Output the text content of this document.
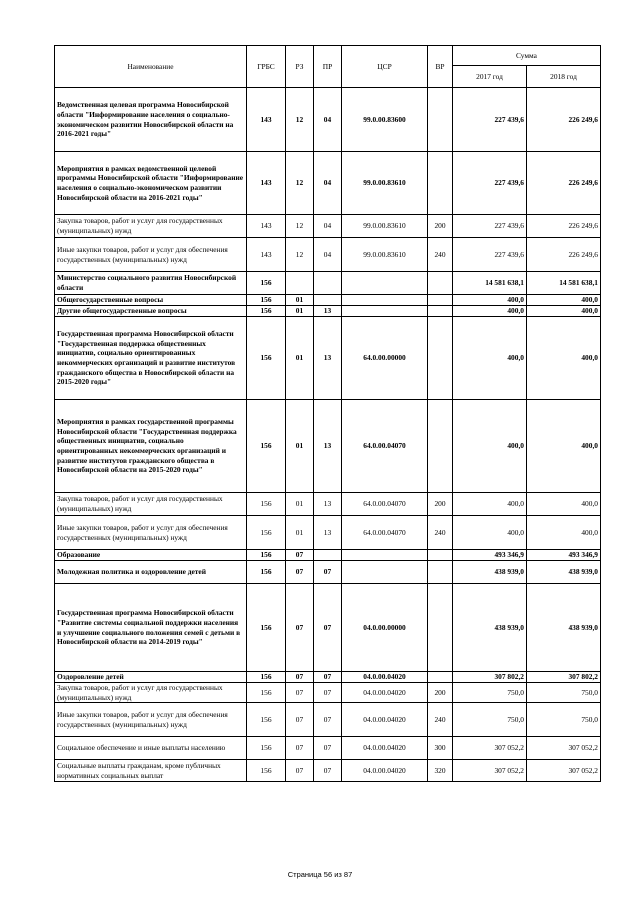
Наименование	ГРБС	РЗ	ПР	ЦСР	ВР	Сумма	
						2017 год	2018 год
Ведомственная целевая программа Новосибирской области "Информирование населения о социально-экономическом развитии Новосибирской области на 2016-2021 годы"	143	12	04	99.0.00.83600		227 439,6	226 249,6
Мероприятия в рамках ведомственной целевой программы Новосибирской области "Информирование населения о социально-экономическом развитии Новосибирской области на 2016-2021 годы"	143	12	04	99.0.00.83610		227 439,6	226 249,6
Закупка товаров, работ и услуг для государственных (муниципальных) нужд	143	12	04	99.0.00.83610	200	227 439,6	226 249,6
Иные закупки товаров, работ и услуг для обеспечения государственных (муниципальных) нужд	143	12	04	99.0.00.83610	240	227 439,6	226 249,6
Министерство социального развития Новосибирской области	156					14 581 638,1	14 581 638,1
Общегосударственные вопросы	156	01				400,0	400,0
Другие общегосударственные вопросы	156	01	13			400,0	400,0
Государственная программа Новосибирской области "Государственная поддержка общественных инициатив, социально ориентированных некоммерческих организаций и развитие институтов гражданского общества в Новосибирской области на 2015-2020 годы"	156	01	13	64.0.00.00000		400,0	400,0
Мероприятия в рамках государственной программы Новосибирской области "Государственная поддержка общественных инициатив, социально ориентированных некоммерческих организаций и развитие институтов гражданского общества в Новосибирской области на 2015-2020 годы"	156	01	13	64.0.00.04070		400,0	400,0
Закупка товаров, работ и услуг для государственных (муниципальных) нужд	156	01	13	64.0.00.04070	200	400,0	400,0
Иные закупки товаров, работ и услуг для обеспечения государственных (муниципальных) нужд	156	01	13	64.0.00.04070	240	400,0	400,0
Образование	156	07				493 346,9	493 346,9
Молодежная политика и оздоровление детей	156	07	07			438 939,0	438 939,0
Государственная программа Новосибирской области "Развитие системы социальной поддержки населения и улучшение социального положения семей с детьми в Новосибирской области на 2014-2019 годы"	156	07	07	04.0.00.00000		438 939,0	438 939,0
Оздоровление детей	156	07	07	04.0.00.04020		307 802,2	307 802,2
Закупка товаров, работ и услуг для государственных (муниципальных) нужд	156	07	07	04.0.00.04020	200	750,0	750,0
Иные закупки товаров, работ и услуг для обеспечения государственных (муниципальных) нужд	156	07	07	04.0.00.04020	240	750,0	750,0
Социальное обеспечение и иные выплаты населению	156	07	07	04.0.00.04020	300	307 052,2	307 052,2
Социальные выплаты гражданам, кроме публичных нормативных социальных выплат	156	07	07	04.0.00.04020	320	307 052,2	307 052,2
Страница 56 из 87
